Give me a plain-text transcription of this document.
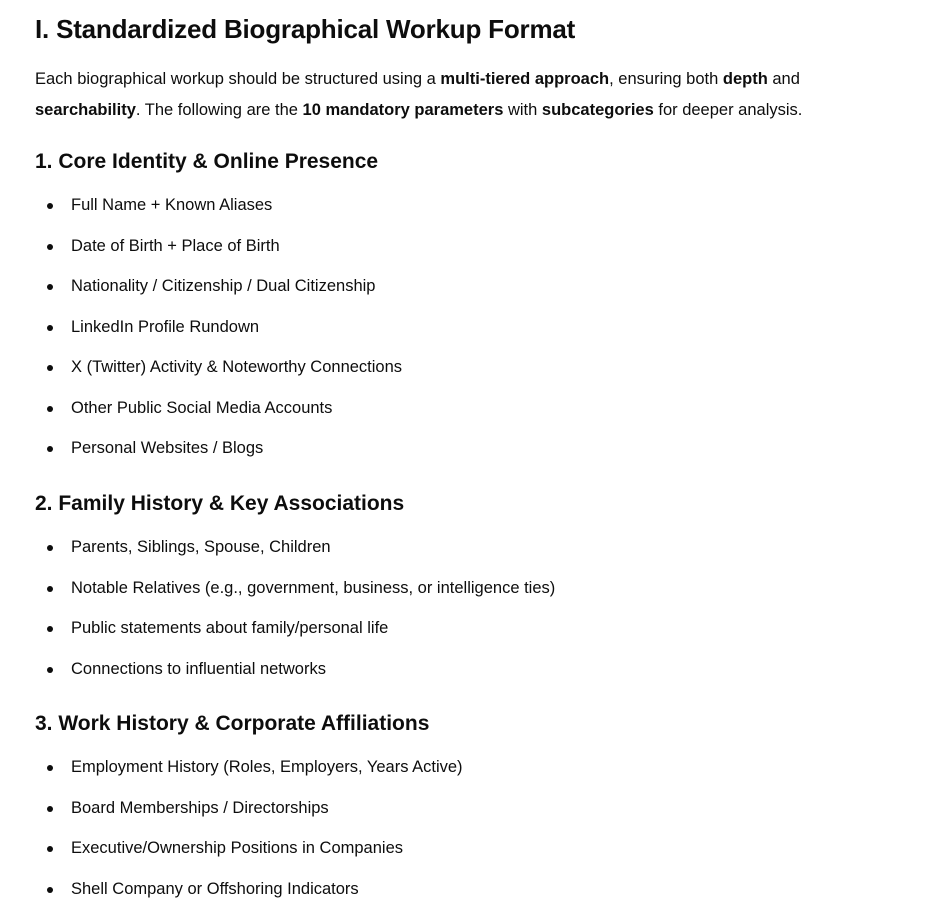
I. Standardized Biographical Workup Format

Each biographical workup should be structured using a multi-tiered approach, ensuring both depth and searchability. The following are the 10 mandatory parameters with subcategories for deeper analysis.

1. Core Identity & Online Presence
Full Name + Known Aliases
Date of Birth + Place of Birth
Nationality / Citizenship / Dual Citizenship
LinkedIn Profile Rundown
X (Twitter) Activity & Noteworthy Connections
Other Public Social Media Accounts
Personal Websites / Blogs
2. Family History & Key Associations
Parents, Siblings, Spouse, Children
Notable Relatives (e.g., government, business, or intelligence ties)
Public statements about family/personal life
Connections to influential networks
3. Work History & Corporate Affiliations
Employment History (Roles, Employers, Years Active)
Board Memberships / Directorships
Executive/Ownership Positions in Companies
Shell Company or Offshoring Indicators
